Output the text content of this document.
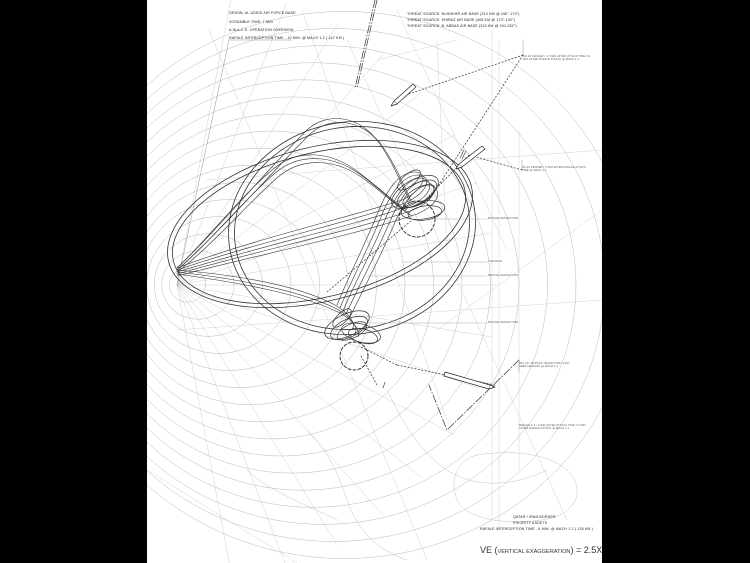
ORIGIN: AL UDEID AIR FORCE BASE
SCRAMBLE TIME: 7 MIN
A.W.A.C.S. OPERATION OVERVIEW
RAFALE INTERCEPTION TIME - 10 MIN. @ MACH 1.2 ( 147 KM )
THREAT SOURCE: BUSHEHR AIR BASE (310 KM @ 156°-170°)
THREAT SOURCE: SHIRAZ AIR BASE (408 KM @ 170°-192°)
THREAT SOURCE: B. ABBAS AIR BASE (315 KM @ 241-252°)
SU-24 FENCER / 4.7 MIN AFTER ATTACK TIME 3.0 MIN AFTER RAFALE ATTACK @ MACH 1.1
SU-24 FENCER / 5 MIN AFTER RAFALE ATTACK TIME @ MACH 1.1
MISSILE DEFLECTION
TRACKING
MISSILE DEFLECTION
MISSILE DEFLECTION
MIG-29 / MISSILE TRAJECTORY LAST SEEN HEADING @ MACH 1.1
MIRAGE F-1 / 4 MIN AFTER ATTACK TIME 7.0 MIN AFTER RAFALE ATTACK @ MACH 1.1
QATAR / IRAN BORDER
PRIORITY ASSETS
RAFALE INTERCEPTION TIME - 8 MIN. @ MACH 1.2 ( 135 KM )
VE (VERTICAL EXAGGERATION) = 2.5X
